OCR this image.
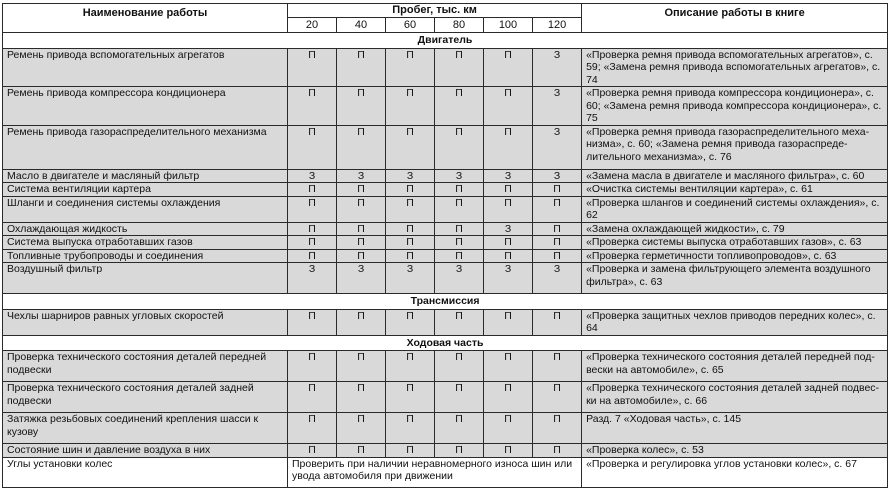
Наименование работы	Пробег, тыс. км						Описание работы в книге
	20	40	60	80	100	120	
Двигатель							
Ремень привода вспомогательных агрегатов	П	П	П	П	П	З	«Проверка ремня привода вспомогательных агрегатов», с. 59; «Замена ремня привода вспомогательных агрегатов», с. 74
Ремень привода компрессора кондиционера	П	П	П	П	П	З	«Проверка ремня привода компрессора кондиционера», с. 60; «Замена ремня привода компрессора кондиционера», с. 75
Ремень привода газораспределительного механизма	П	П	П	П	П	З	«Проверка ремня привода газораспределительного меха-низма», с. 60; «Замена ремня привода газораспреде-лительного механизма», с. 76
Масло в двигателе и масляный фильтр	З	З	З	З	З	З	«Замена масла в двигателе и масляного фильтра», с. 60
Система вентиляции картера	П	П	П	П	П	П	«Очистка системы вентиляции картера», с. 61
Шланги и соединения системы охлаждения	П	П	П	П	П	П	«Проверка шлангов и соединений системы охлаждения», с. 62
Охлаждающая жидкость	П	П	П	П	З	П	«Замена охлаждающей жидкости», с. 79
Система выпуска отработавших газов	П	П	П	П	П	П	«Проверка системы выпуска отработавших газов», с. 63
Топливные трубопроводы и соединения	П	П	П	П	П	П	«Проверка герметичности топливопроводов», с. 63
Воздушный фильтр	З	З	З	З	З	З	«Проверка и замена фильтрующего элемента воздушного фильтра», с. 63
Трансмиссия							
Чехлы шарниров равных угловых скоростей	П	П	П	П	П	П	«Проверка защитных чехлов приводов передних колес», с. 64
Ходовая часть							
Проверка технического состояния деталей передней подвески	П	П	П	П	П	П	«Проверка технического состояния деталей передней под-вески на автомобиле», с. 65
Проверка технического состояния деталей задней подвески	П	П	П	П	П	П	«Проверка технического состояния деталей задней подвес-ки на автомобиле», с. 66
Затяжка резьбовых соединений крепления шасси к кузову	П	П	П	П	П	П	Разд. 7 «Ходовая часть», с. 145
Состояние шин и давление воздуха в них	П	П	П	П	П	П	«Проверка колес», с. 53
Углы установки колес	Проверить при наличии неравномерного износа шин или увода автомобиля при движении						«Проверка и регулировка углов установки колес», с. 67
